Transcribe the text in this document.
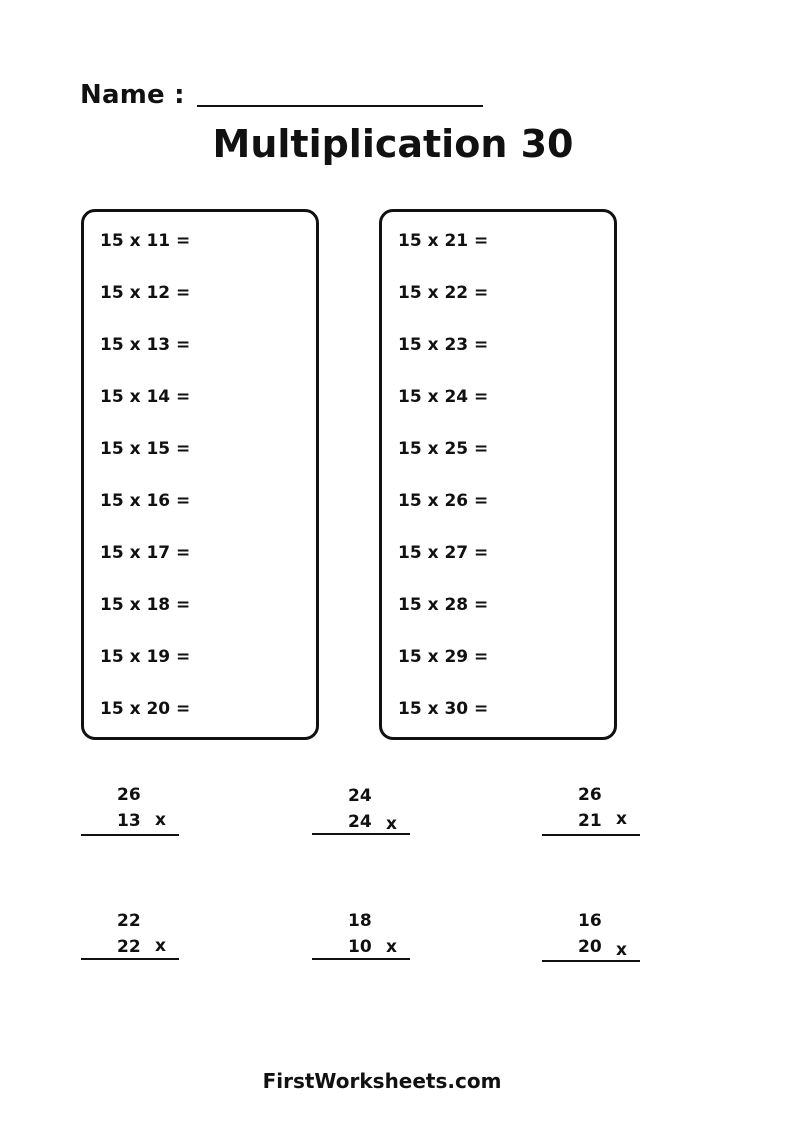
Name :
Multiplication 30
15 x 11 =
15 x 12 =
15 x 13 =
15 x 14 =
15 x 15 =
15 x 16 =
15 x 17 =
15 x 18 =
15 x 19 =
15 x 20 =
15 x 21 =
15 x 22 =
15 x 23 =
15 x 24 =
15 x 25 =
15 x 26 =
15 x 27 =
15 x 28 =
15 x 29 =
15 x 30 =
26
13 x
24
24 x
26
21 x
22
22 x
18
10 x
16
20 x
FirstWorksheets.com
